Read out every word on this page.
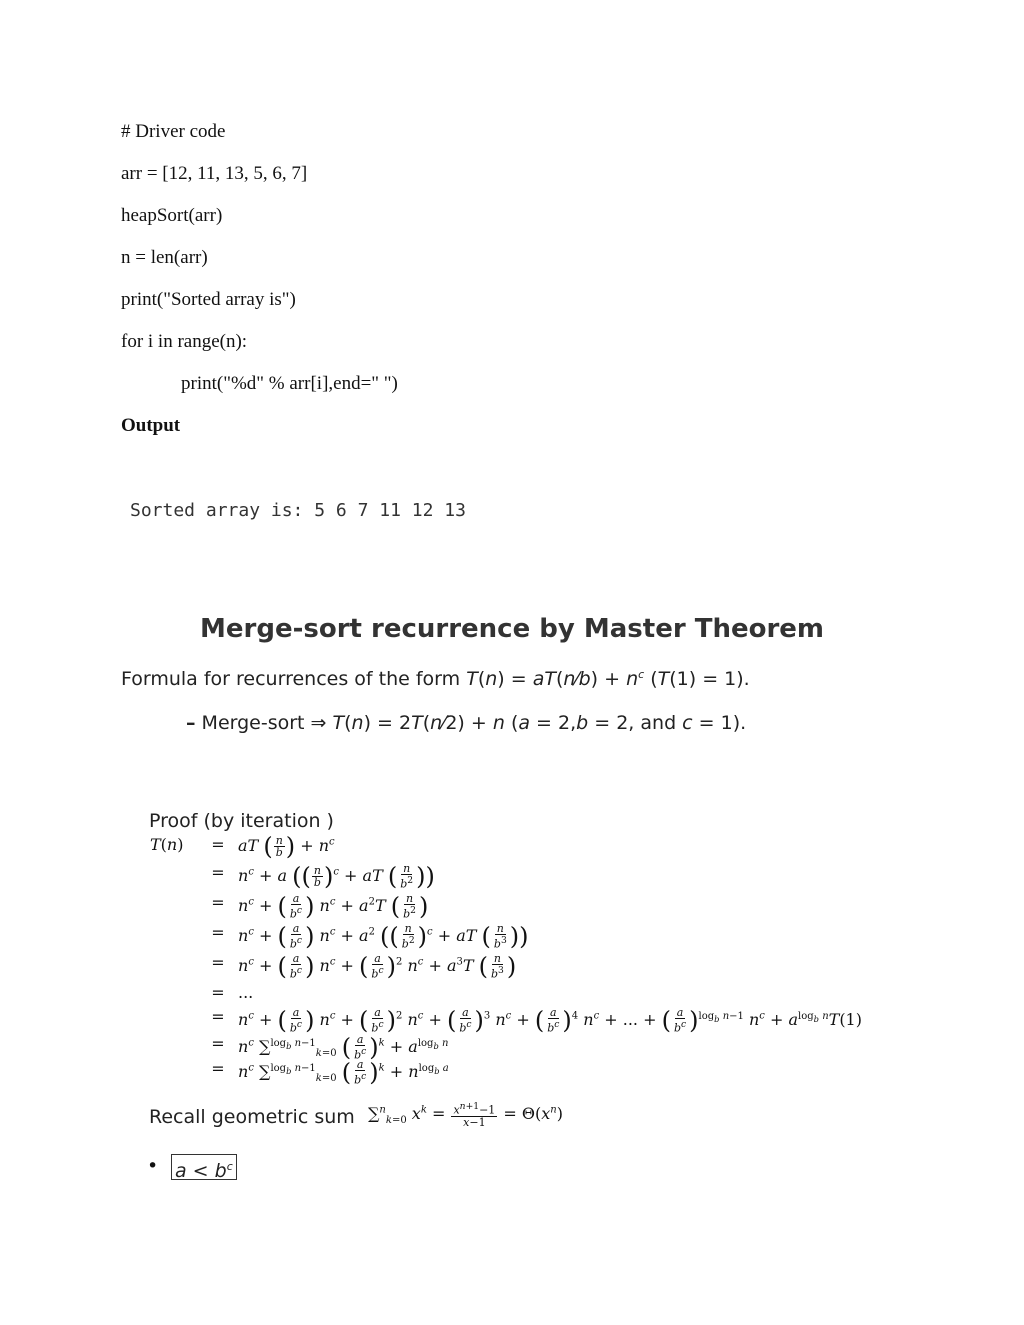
# Driver code
arr = [12, 11, 13, 5, 6, 7]
heapSort(arr)
n = len(arr)
print("Sorted array is")
for i in range(n):
print("%d" % arr[i],end=" ")
Output
Sorted array is: 5 6 7 11 12 13
Merge-sort recurrence by Master Theorem
Formula for recurrences of the form T(n) = aT(n⁄b) + $n^c$ (T(1) = 1).
– Merge-sort ⇒ T(n) = 2T(n⁄2) + n (a = 2,b = 2, and c = 1).
Proof (by iteration )
T(n)	= aT ( $\frac{n}{b}$ ) + $n^c$
= $n^c + a$ (( $\frac{n}{b} )^c$ + aT ( $\frac{n}{b^2}$ ))
= $n^c$ + ( $\frac{a}{b^c}$ ) $n^c + a^2T$ ( $\frac{n}{b^2}$ )
= $n^c$ + ( $\frac{a}{b^c}$ ) $n^c + a^2$ (( $\frac{n}{b^2} )^c$ + aT ( $\frac{n}{b^3}$ ))
= $n^c$ + ( $\frac{a}{b^c}$ ) $n^c$ + ( $\frac{a}{b^c} )^2$ $n^c + a^3T$ ( $\frac{n}{b^3}$ )
= ...
= $n^c$ + ( $\frac{a}{b^c}$ ) $n^c$ + ( $\frac{a}{b^c} )^2$ $n^c$ + ( $\frac{a}{b^c} )^3$ $n^c$ + ( $\frac{a}{b^c} )^4$ $n^c$ + ... + ( $\frac{a}{b^c} )^{log_b n-1}$ $n^c + a^{log_b n}T(1)$
= $n^c$ ∑$^{log_b n-1}_{k=0}$ ( $\frac{a}{b^c} )^k + a^{log_b n}$
= $n^c$ ∑$^{log_b n-1}_{k=0}$ ( $\frac{a}{b^c} )^k + n^{log_b a}$
Recall geometric sum ∑$^n_{k=0}$ $x^k = \frac{x^{n+1}-1}{x-1} = \Theta(x^n)$
• $a < b^c$
